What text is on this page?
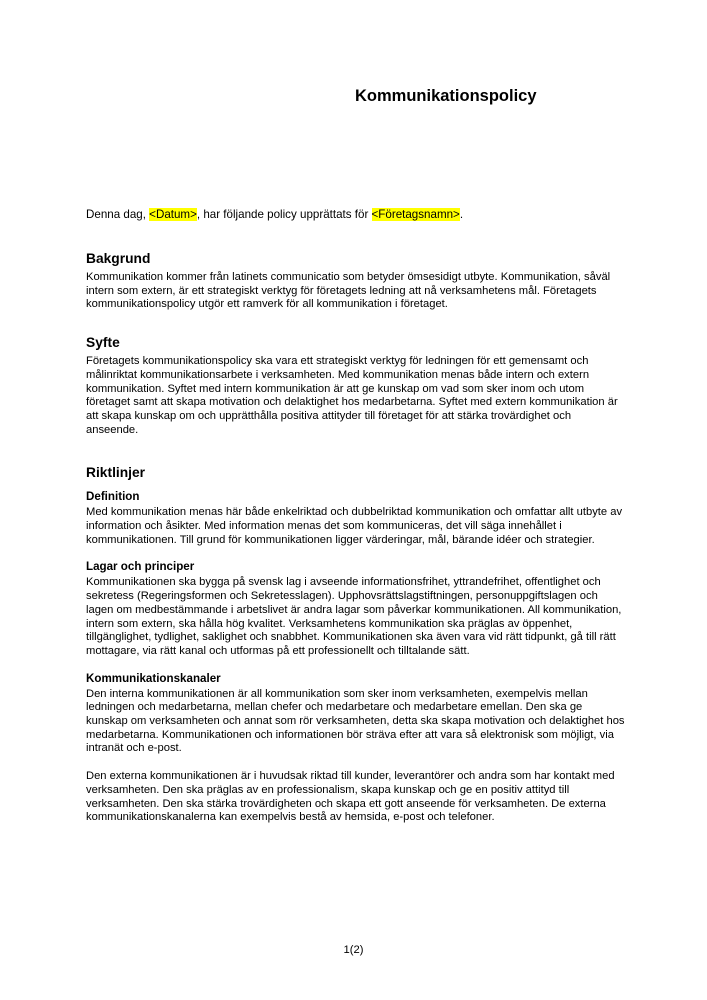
Kommunikationspolicy

Denna dag, <Datum>, har följande policy upprättats för <Företagsnamn>.

Bakgrund

Kommunikation kommer från latinets communicatio som betyder ömsesidigt utbyte. Kommunikation, såväl intern som extern, är ett strategiskt verktyg för företagets ledning att nå verksamhetens mål. Företagets kommunikationspolicy utgör ett ramverk för all kommunikation i företaget.

Syfte

Företagets kommunikationspolicy ska vara ett strategiskt verktyg för ledningen för ett gemensamt och målinriktat kommunikationsarbete i verksamheten. Med kommunikation menas både intern och extern kommunikation. Syftet med intern kommunikation är att ge kunskap om vad som sker inom och utom företaget samt att skapa motivation och delaktighet hos medarbetarna. Syftet med extern kommunikation är att skapa kunskap om och upprätthålla positiva attityder till företaget för att stärka trovärdighet och anseende.

Riktlinjer
Definition

Med kommunikation menas här både enkelriktad och dubbelriktad kommunikation och omfattar allt utbyte av information och åsikter. Med information menas det som kommuniceras, det vill säga innehållet i kommunikationen. Till grund för kommunikationen ligger värderingar, mål, bärande idéer och strategier.

Lagar och principer

Kommunikationen ska bygga på svensk lag i avseende informationsfrihet, yttrandefrihet, offentlighet och sekretess (Regeringsformen och Sekretesslagen). Upphovsrättslagstiftningen, personuppgiftslagen och lagen om medbestämmande i arbetslivet är andra lagar som påverkar kommunikationen. All kommunikation, intern som extern, ska hålla hög kvalitet. Verksamhetens kommunikation ska präglas av öppenhet, tillgänglighet, tydlighet, saklighet och snabbhet. Kommunikationen ska även vara vid rätt tidpunkt, gå till rätt mottagare, via rätt kanal och utformas på ett professionellt och tilltalande sätt.

Kommunikationskanaler

Den interna kommunikationen är all kommunikation som sker inom verksamheten, exempelvis mellan ledningen och medarbetarna, mellan chefer och medarbetare och medarbetare emellan. Den ska ge kunskap om verksamheten och annat som rör verksamheten, detta ska skapa motivation och delaktighet hos medarbetarna. Kommunikationen och informationen bör sträva efter att vara så elektronisk som möjligt, via intranät och e-post.

Den externa kommunikationen är i huvudsak riktad till kunder, leverantörer och andra som har kontakt med verksamheten. Den ska präglas av en professionalism, skapa kunskap och ge en positiv attityd till verksamheten. Den ska stärka trovärdigheten och skapa ett gott anseende för verksamheten. De externa kommunikationskanalerna kan exempelvis bestå av hemsida, e-post och telefoner.

1(2)
